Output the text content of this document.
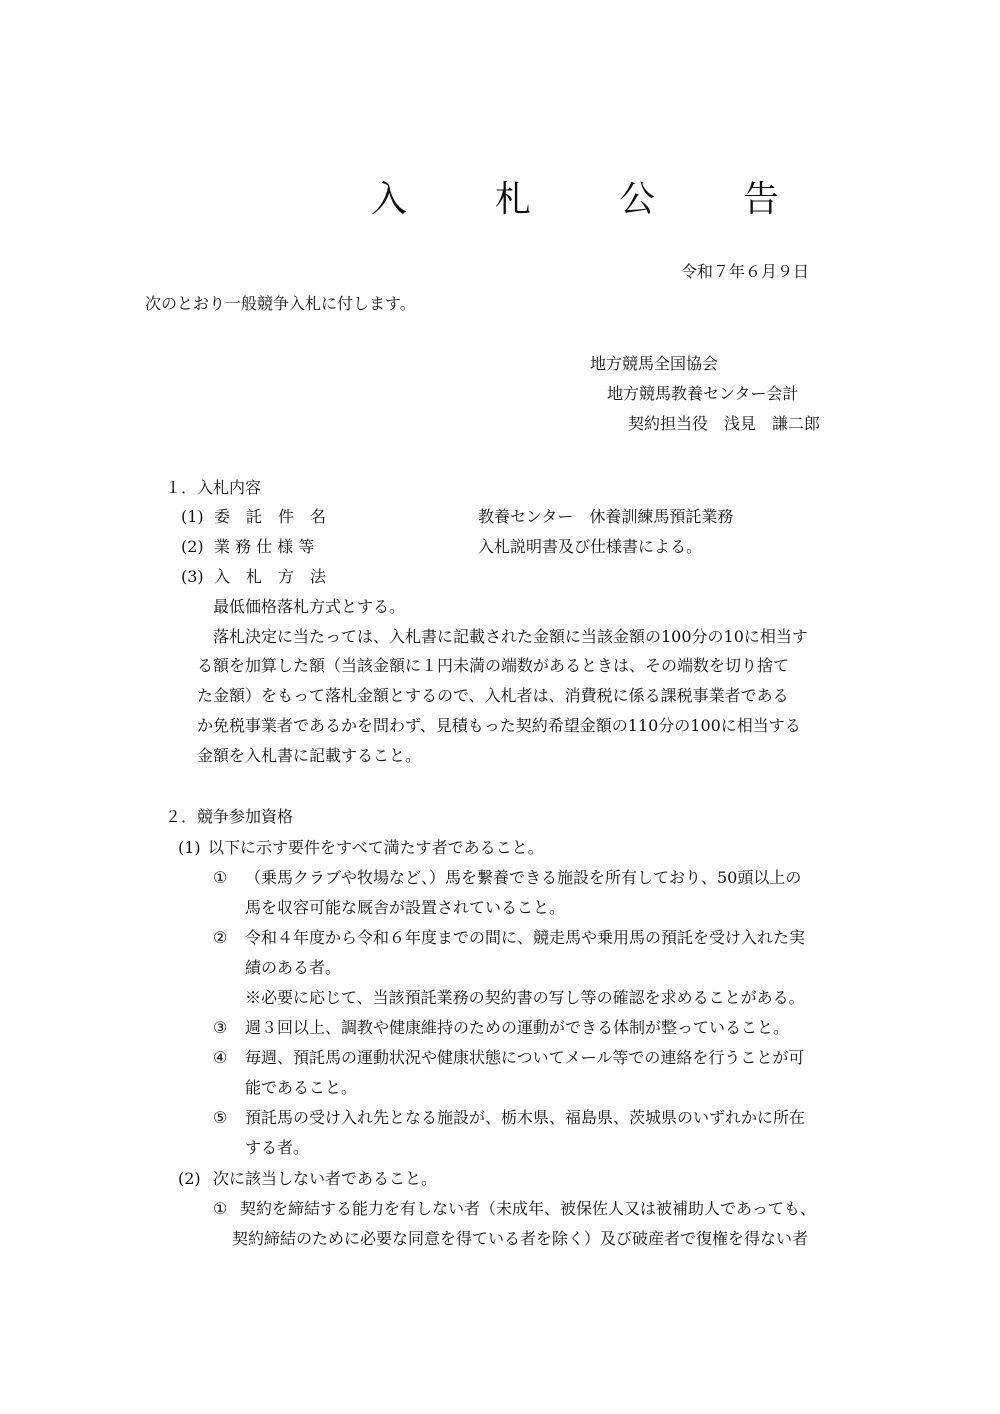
入　札　公　告
令和７年６月９日
次のとおり一般競争入札に付します。
地方競馬全国協会
地方競馬教養センター会計
契約担当役　浅見　謙二郎
１．入札内容
(1) 委　託　件　名	教養センター　休養訓練馬預託業務
(2) 業 務 仕 様 等	入札説明書及び仕様書による。
(3) 入　札　方　法
最低価格落札方式とする。
落札決定に当たっては、入札書に記載された金額に当該金額の100分の10に相当す
る額を加算した額（当該金額に１円未満の端数があるときは、その端数を切り捨て
た金額）をもって落札金額とするので、入札者は、消費税に係る課税事業者である
か免税事業者であるかを問わず、見積もった契約希望金額の110分の100に相当する
金額を入札書に記載すること。
２．競争参加資格
(1) 以下に示す要件をすべて満たす者であること。
① （乗馬クラブや牧場など、）馬を繋養できる施設を所有しており、50頭以上の
馬を収容可能な厩舎が設置されていること。
② 令和４年度から令和６年度までの間に、競走馬や乗用馬の預託を受け入れた実
績のある者。
※必要に応じて、当該預託業務の契約書の写し等の確認を求めることがある。
③ 週３回以上、調教や健康維持のための運動ができる体制が整っていること。
④ 毎週、預託馬の運動状況や健康状態についてメール等での連絡を行うことが可
能であること。
⑤ 預託馬の受け入れ先となる施設が、栃木県、福島県、茨城県のいずれかに所在
する者。
(2) 次に該当しない者であること。
① 契約を締結する能力を有しない者（未成年、被保佐人又は被補助人であっても、
契約締結のために必要な同意を得ている者を除く）及び破産者で復権を得ない者
